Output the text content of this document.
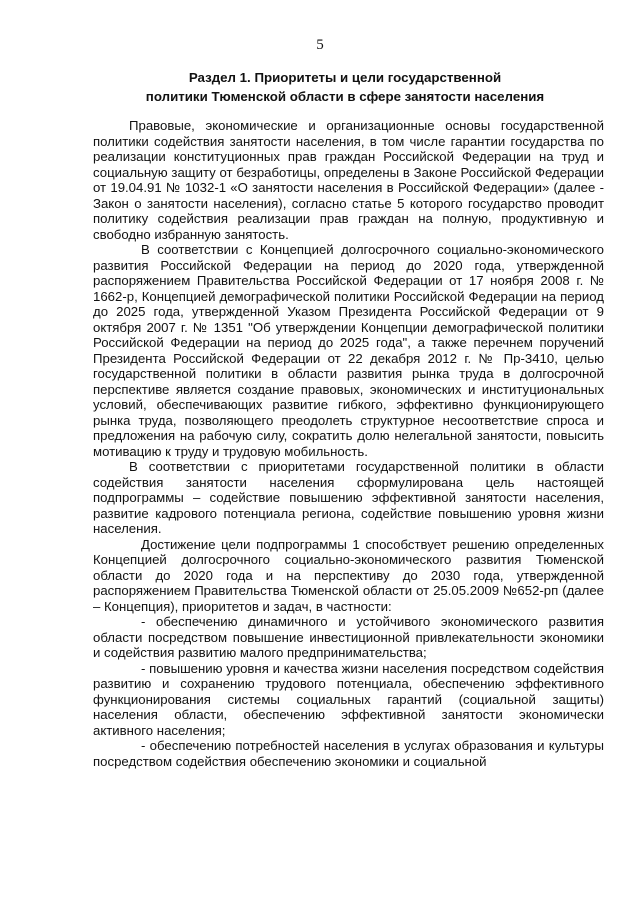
5
Раздел 1. Приоритеты и цели государственной
политики Тюменской области в сфере занятости населения

Правовые, экономические и организационные основы государственной политики содействия занятости населения, в том числе гарантии государства по реализации конституционных прав граждан Российской Федерации на труд и социальную защиту от безработицы, определены в Законе Российской Федерации от 19.04.91 № 1032-1 «О занятости населения в Российской Федерации» (далее - Закон о занятости населения), согласно статье 5 которого государство проводит политику содействия реализации прав граждан на полную, продуктивную и свободно избранную занятость.

В соответствии с Концепцией долгосрочного социально-экономического развития Российской Федерации на период до 2020 года, утвержденной распоряжением Правительства Российской Федерации от 17 ноября 2008 г. № 1662-р, Концепцией демографической политики Российской Федерации на период до 2025 года, утвержденной Указом Президента Российской Федерации от 9 октября 2007 г. № 1351 "Об утверждении Концепции демографической политики Российской Федерации на период до 2025 года", а также перечнем поручений Президента Российской Федерации от 22 декабря 2012 г. № Пр-3410, целью государственной политики в области развития рынка труда в долгосрочной перспективе является создание правовых, экономических и институциональных условий, обеспечивающих развитие гибкого, эффективно функционирующего рынка труда, позволяющего преодолеть структурное несоответствие спроса и предложения на рабочую силу, сократить долю нелегальной занятости, повысить мотивацию к труду и трудовую мобильность.

В соответствии с приоритетами государственной политики в области содействия занятости населения сформулирована цель настоящей подпрограммы – содействие повышению эффективной занятости населения, развитие кадрового потенциала региона, содействие повышению уровня жизни населения.

Достижение цели подпрограммы 1 способствует решению определенных Концепцией долгосрочного социально-экономического развития Тюменской области до 2020 года и на перспективу до 2030 года, утвержденной распоряжением Правительства Тюменской области от 25.05.2009 №652-рп (далее – Концепция), приоритетов и задач, в частности:

- обеспечению динамичного и устойчивого экономического развития области посредством повышение инвестиционной привлекательности экономики и содействия развитию малого предпринимательства;

- повышению уровня и качества жизни населения посредством содействия развитию и сохранению трудового потенциала, обеспечению эффективного функционирования системы социальных гарантий (социальной защиты) населения области, обеспечению эффективной занятости экономически активного населения;

- обеспечению потребностей населения в услугах образования и культуры посредством содействия обеспечению экономики и социальной
